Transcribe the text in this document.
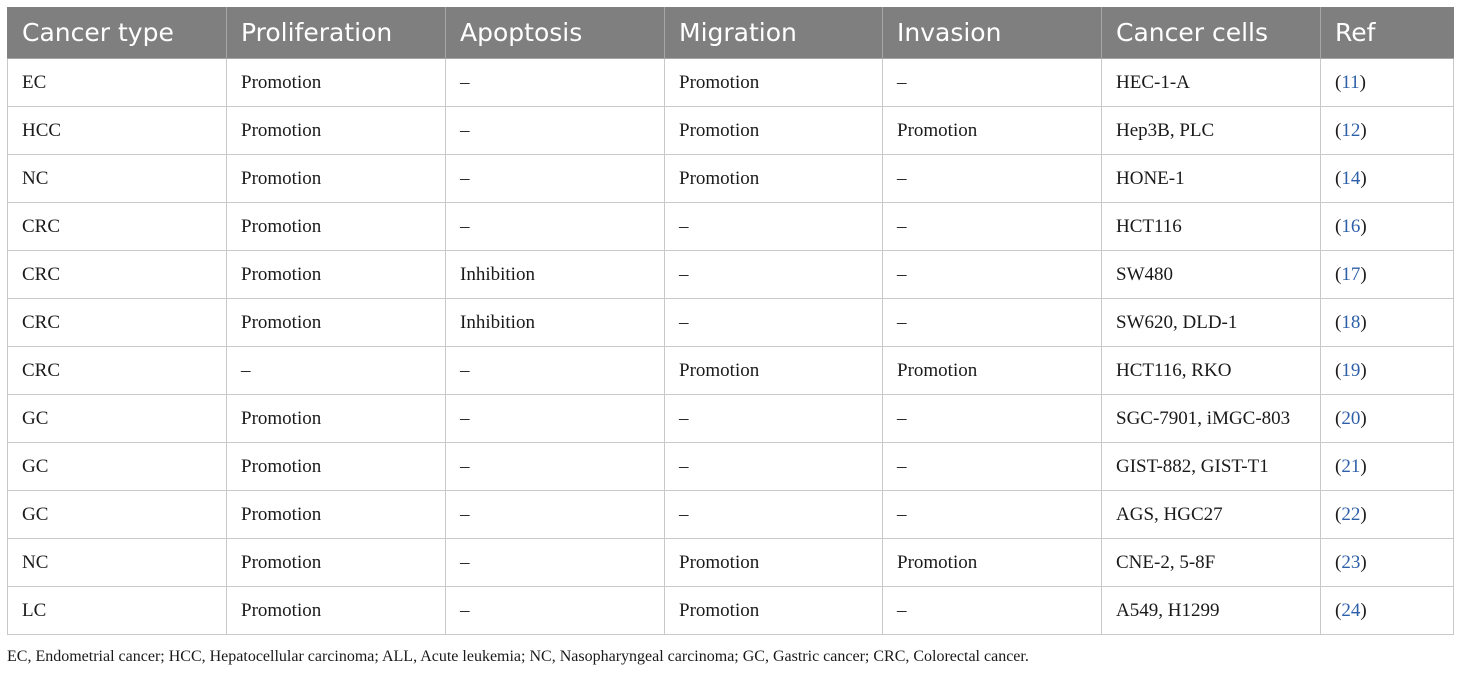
Cancer type	Proliferation	Apoptosis	Migration	Invasion	Cancer cells	Ref
EC	Promotion	–	Promotion	–	HEC-1-A	(11)
HCC	Promotion	–	Promotion	Promotion	Hep3B, PLC	(12)
NC	Promotion	–	Promotion	–	HONE-1	(14)
CRC	Promotion	–	–	–	HCT116	(16)
CRC	Promotion	Inhibition	–	–	SW480	(17)
CRC	Promotion	Inhibition	–	–	SW620, DLD-1	(18)
CRC	–	–	Promotion	Promotion	HCT116, RKO	(19)
GC	Promotion	–	–	–	SGC-7901, iMGC-803	(20)
GC	Promotion	–	–	–	GIST-882, GIST-T1	(21)
GC	Promotion	–	–	–	AGS, HGC27	(22)
NC	Promotion	–	Promotion	Promotion	CNE-2, 5-8F	(23)
LC	Promotion	–	Promotion	–	A549, H1299	(24)
EC, Endometrial cancer; HCC, Hepatocellular carcinoma; ALL, Acute leukemia; NC, Nasopharyngeal carcinoma; GC, Gastric cancer; CRC, Colorectal cancer.
